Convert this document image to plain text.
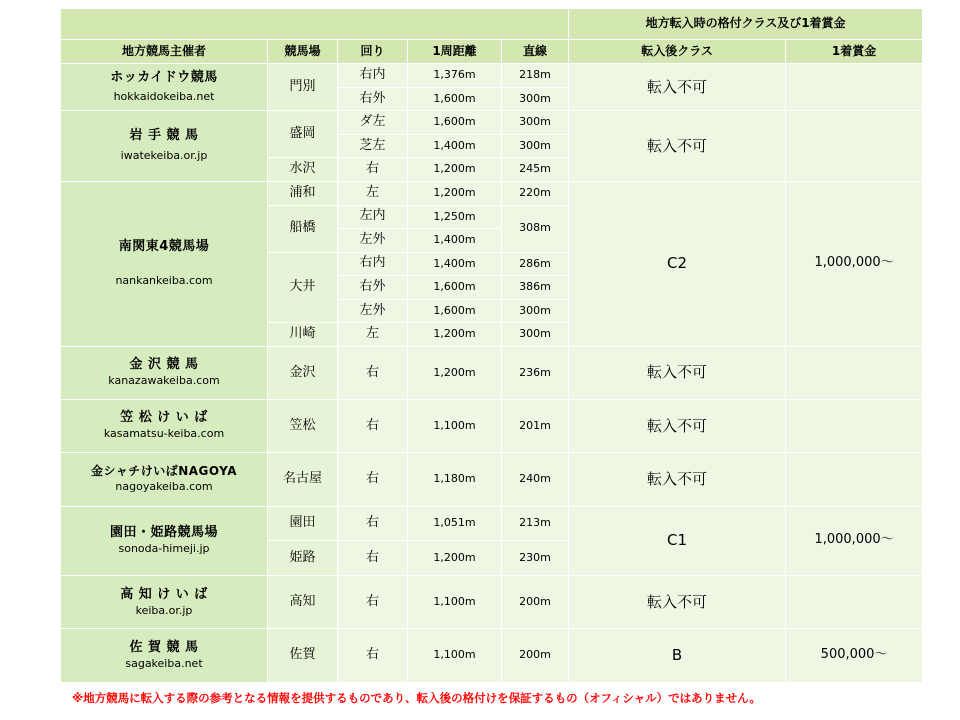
					地方転入時の格付クラス及び1着賞金	
地方競馬主催者	競馬場	回り	1周距離	直線	転入後クラス	1着賞金

ホッカイドウ競馬
hokkaidokeiba.net	門別	右内	1,376m	218m	転入不可	
		右外	1,600m	300m		

岩 手 競 馬
iwatekeiba.or.jp	盛岡	ダ左	1,600m	300m	転入不可	
		芝左	1,400m	300m		
	水沢	右	1,200m	245m		

南関東4競馬場
nankankeiba.com	浦和	左	1,200m	220m	C2	1,000,000～
	船橋	左内	1,250m	308m		
		左外	1,400m			
	大井	右内	1,400m	286m		
		右外	1,600m	386m		
		左外	1,600m	300m		
	川崎	左	1,200m	300m		

金 沢 競 馬
kanazawakeiba.com	金沢	右	1,200m	236m	転入不可	

笠 松 け い ば
kasamatsu-keiba.com	笠松	右	1,100m	201m	転入不可	

金シャチけいばNAGOYA
nagoyakeiba.com	名古屋	右	1,180m	240m	転入不可	

園田・姫路競馬場
sonoda-himeji.jp	園田	右	1,051m	213m	C1	1,000,000～
	姫路	右	1,200m	230m		

高 知 け い ば
keiba.or.jp	高知	右	1,100m	200m	転入不可	

佐 賀 競 馬
sagakeiba.net	佐賀	右	1,100m	200m	B	500,000～
※地方競馬に転入する際の参考となる情報を提供するものであり、転入後の格付けを保証するもの（オフィシャル）ではありません。
